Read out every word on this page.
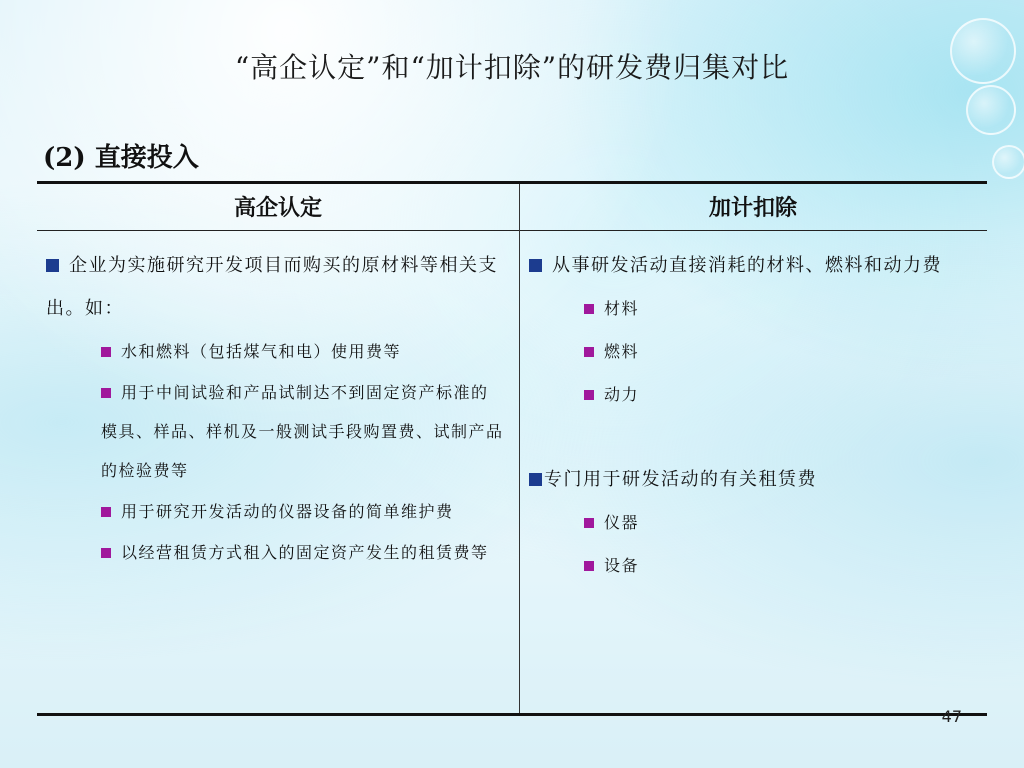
“高企认定”和“加计扣除”的研发费归集对比
(2) 直接投入
高企认定	加计扣除

企业为实施研究开发项目而购买的原材料等相关支出。如：

水和燃料（包括煤气和电）使用费等

用于中间试验和产品试制达不到固定资产标准的模具、样品、样机及一般测试手段购置费、试制产品的检验费等

用于研究开发活动的仪器设备的简单维护费

以经营租赁方式租入的固定资产发生的租赁费等

从事研发活动直接消耗的材料、燃料和动力费

材料

燃料

动力

专门用于研发活动的有关租赁费

仪器

设备

47
